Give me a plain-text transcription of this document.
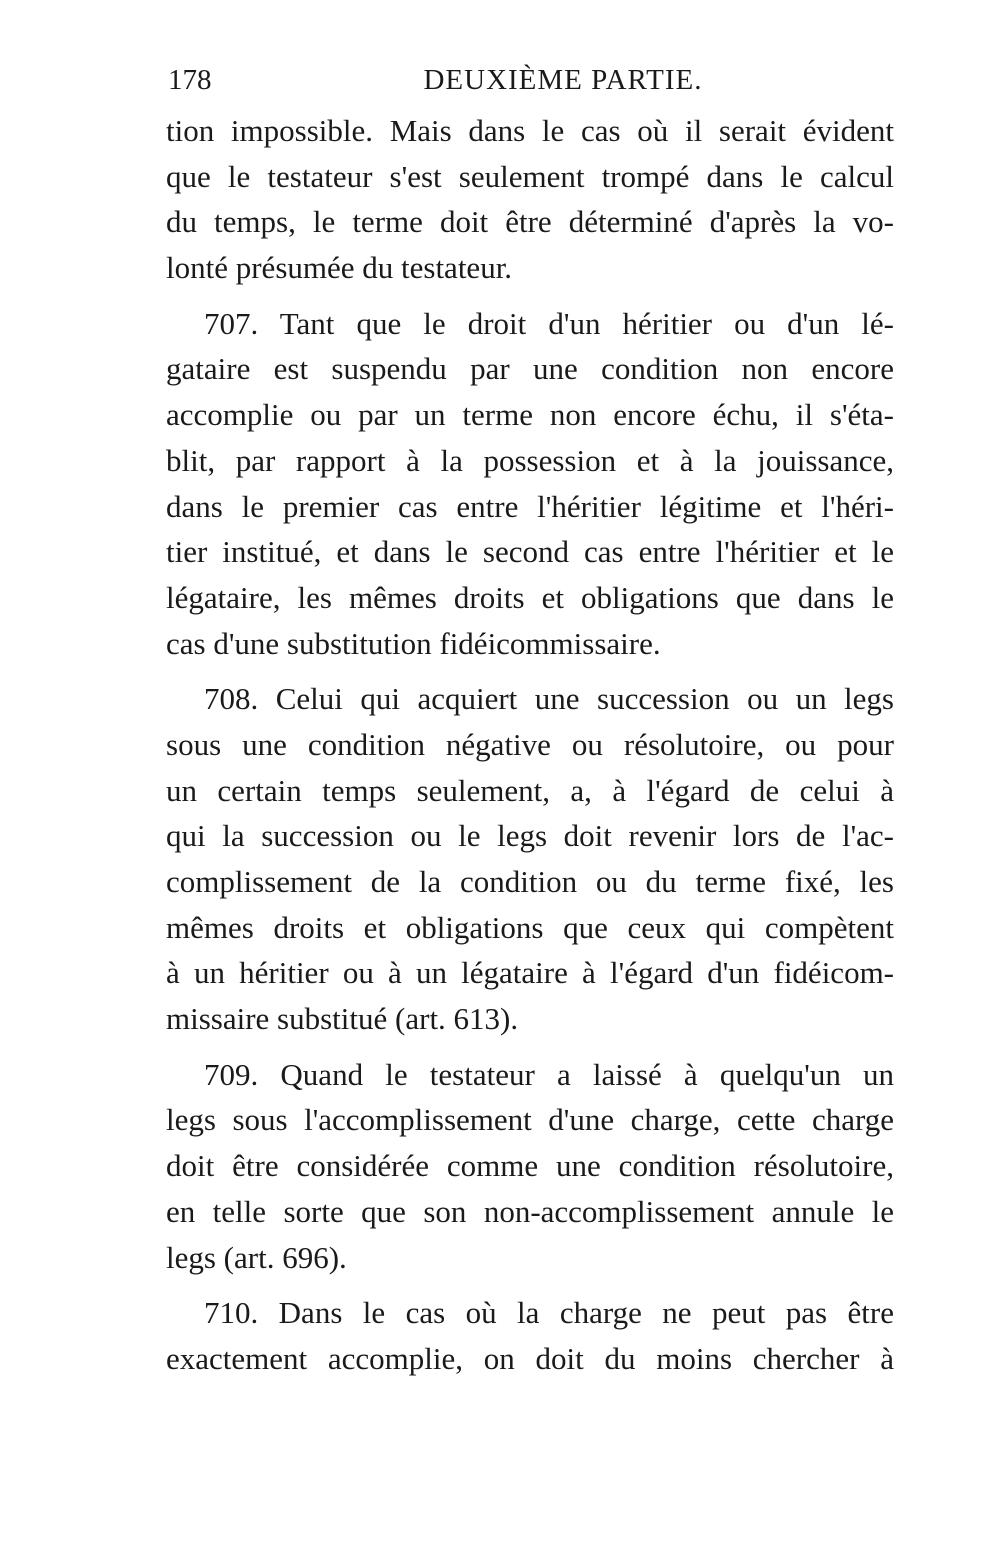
178	DEUXIÈME PARTIE.
tion impossible. Mais dans le cas où il serait évident
que le testateur s'est seulement trompé dans le calcul
du temps, le terme doit être déterminé d'après la vo-
lonté présumée du testateur.
707. Tant que le droit d'un héritier ou d'un lé-
gataire est suspendu par une condition non encore
accomplie ou par un terme non encore échu, il s'éta-
blit, par rapport à la possession et à la jouissance,
dans le premier cas entre l'héritier légitime et l'héri-
tier institué, et dans le second cas entre l'héritier et le
légataire, les mêmes droits et obligations que dans le
cas d'une substitution fidéicommissaire.
708. Celui qui acquiert une succession ou un legs
sous une condition négative ou résolutoire, ou pour
un certain temps seulement, a, à l'égard de celui à
qui la succession ou le legs doit revenir lors de l'ac-
complissement de la condition ou du terme fixé, les
mêmes droits et obligations que ceux qui compètent
à un héritier ou à un légataire à l'égard d'un fidéicom-
missaire substitué (art. 613).
709. Quand le testateur a laissé à quelqu'un un
legs sous l'accomplissement d'une charge, cette charge
doit être considérée comme une condition résolutoire,
en telle sorte que son non-accomplissement annule le
legs (art. 696).
710. Dans le cas où la charge ne peut pas être
exactement accomplie, on doit du moins chercher à
